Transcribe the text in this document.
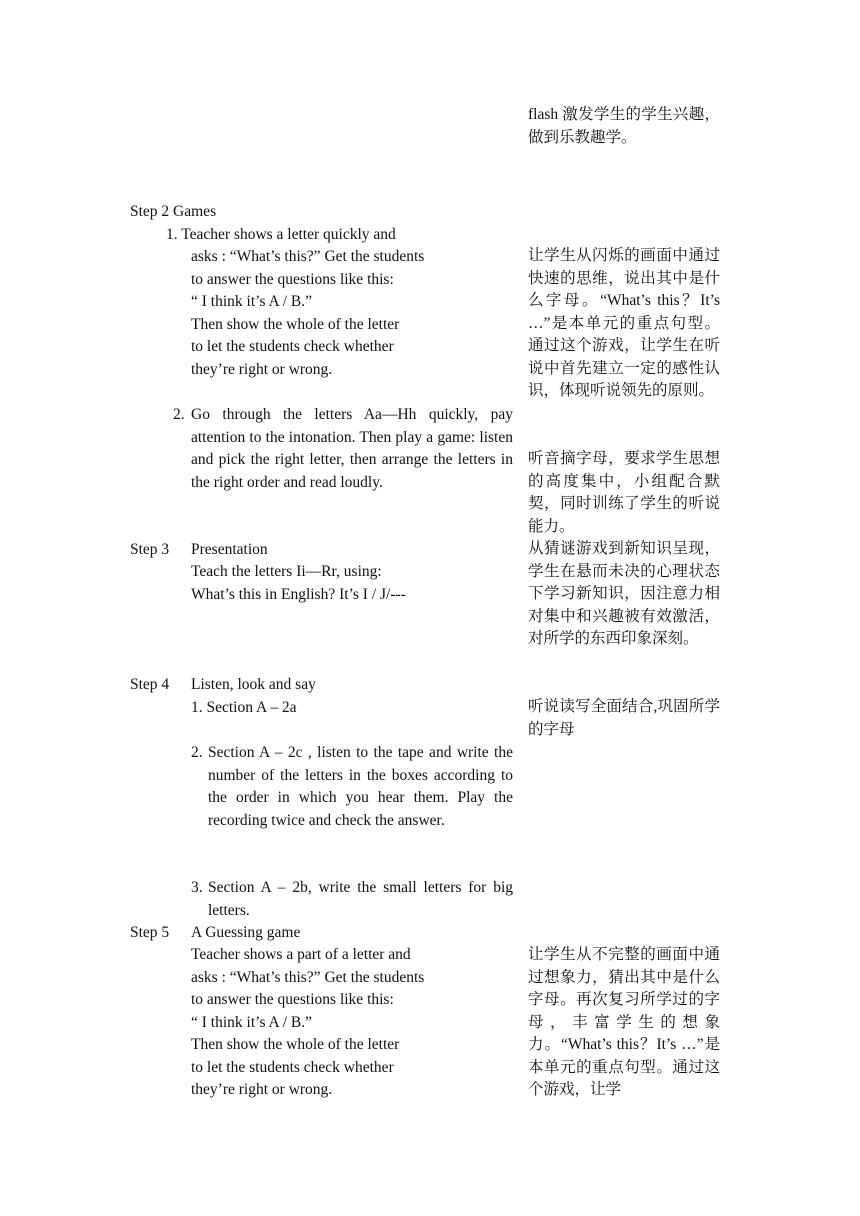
Step 2 Games
1. Teacher shows a letter quickly and
asks : “What’s this?” Get the students
to answer the questions like this:
“ I think it’s A / B.”
Then show the whole of the letter
to let the students check whether
they’re right or wrong.
2. Go through the letters Aa—Hh quickly, pay attention to the intonation. Then play a game: listen and pick the right letter, then arrange the letters in the right order and read loudly.
Step 3 Presentation
Teach the letters Ii—Rr, using:
What’s this in English? It’s I / J/---
Step 4 Listen, look and say
1. Section A – 2a
2. Section A – 2c , listen to the tape and write the number of the letters in the boxes according to the order in which you hear them. Play the recording twice and check the answer.
3. Section A – 2b, write the small letters for big letters.
Step 5 A Guessing game
Teacher shows a part of a letter and
asks : “What’s this?” Get the students
to answer the questions like this:
“ I think it’s A / B.”
Then show the whole of the letter
to let the students check whether
they’re right or wrong.
flash 激发学生的学生兴趣，做到乐教趣学。
让学生从闪烁的画面中通过快速的思维，说出其中是什么字母。“What’s this？It’s …”是本单元的重点句型。通过这个游戏，让学生在听说中首先建立一定的感性认识，体现听说领先的原则。
听音摘字母，要求学生思想的高度集中，小组配合默契，同时训练了学生的听说能力。
从猜谜游戏到新知识呈现，学生在悬而未决的心理状态下学习新知识，因注意力相对集中和兴趣被有效激活，对所学的东西印象深刻。
听说读写全面结合,巩固所学的字母
让学生从不完整的画面中通过想象力，猜出其中是什么字母。再次复习所学过的字母，丰富学生的想象力。“What’s this？It’s …”是本单元的重点句型。通过这个游戏，让学
